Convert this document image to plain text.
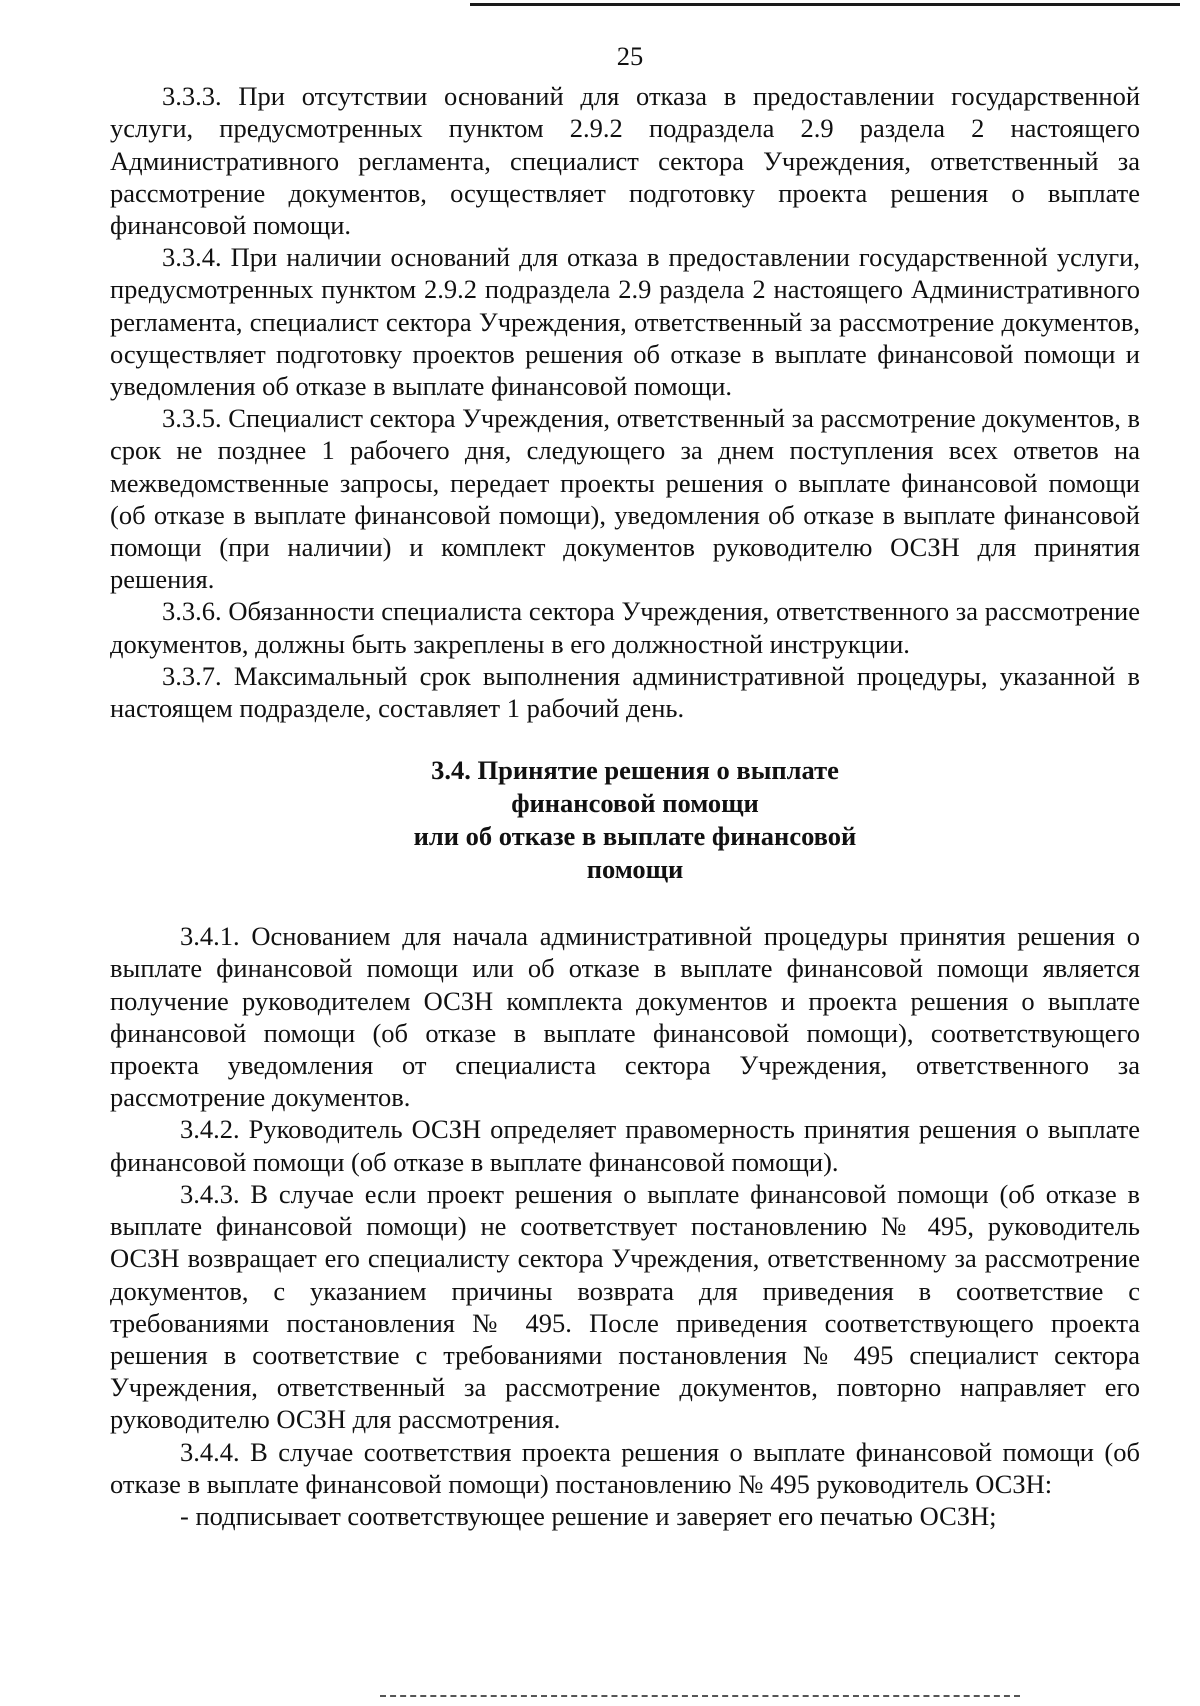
25

3.3.3. При отсутствии оснований для отказа в предоставлении государственной услуги, предусмотренных пунктом 2.9.2 подраздела 2.9 раздела 2 настоящего Административного регламента, специалист сектора Учреждения, ответственный за рассмотрение документов, осуществляет подготовку проекта решения о выплате финансовой помощи.

3.3.4. При наличии оснований для отказа в предоставлении государственной услуги, предусмотренных пунктом 2.9.2 подраздела 2.9 раздела 2 настоящего Административного регламента, специалист сектора Учреждения, ответственный за рассмотрение документов, осуществляет подготовку проектов решения об отказе в выплате финансовой помощи и уведомления об отказе в выплате финансовой помощи.

3.3.5. Специалист сектора Учреждения, ответственный за рассмотрение документов, в срок не позднее 1 рабочего дня, следующего за днем поступления всех ответов на межведомственные запросы, передает проекты решения о выплате финансовой помощи (об отказе в выплате финансовой помощи), уведомления об отказе в выплате финансовой помощи (при наличии) и комплект документов руководителю ОСЗН для принятия решения.

3.3.6. Обязанности специалиста сектора Учреждения, ответственного за рассмотрение документов, должны быть закреплены в его должностной инструкции.

3.3.7. Максимальный срок выполнения административной процедуры, указанной в настоящем подразделе, составляет 1 рабочий день.

3.4. Принятие решения о выплате
финансовой помощи
или об отказе в выплате финансовой
помощи

3.4.1. Основанием для начала административной процедуры принятия решения о выплате финансовой помощи или об отказе в выплате финансовой помощи является получение руководителем ОСЗН комплекта документов и проекта решения о выплате финансовой помощи (об отказе в выплате финансовой помощи), соответствующего проекта уведомления от специалиста сектора Учреждения, ответственного за рассмотрение документов.

3.4.2. Руководитель ОСЗН определяет правомерность принятия решения о выплате финансовой помощи (об отказе в выплате финансовой помощи).

3.4.3. В случае если проект решения о выплате финансовой помощи (об отказе в выплате финансовой помощи) не соответствует постановлению № 495, руководитель ОСЗН возвращает его специалисту сектора Учреждения, ответственному за рассмотрение документов, с указанием причины возврата для приведения в соответствие с требованиями постановления № 495. После приведения соответствующего проекта решения в соответствие с требованиями постановления № 495 специалист сектора Учреждения, ответственный за рассмотрение документов, повторно направляет его руководителю ОСЗН для рассмотрения.

3.4.4. В случае соответствия проекта решения о выплате финансовой помощи (об отказе в выплате финансовой помощи) постановлению № 495 руководитель ОСЗН:

- подписывает соответствующее решение и заверяет его печатью ОСЗН;
